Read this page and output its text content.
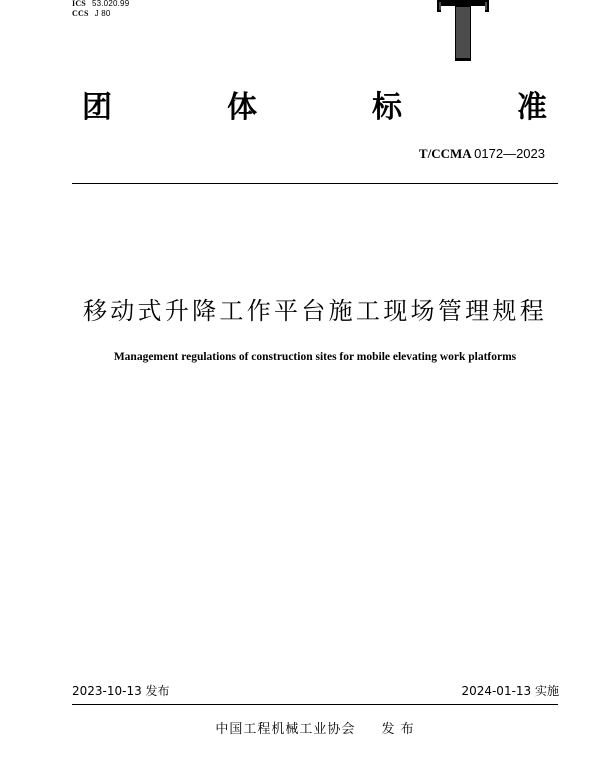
ICS 53.020.99
CCS J 80
团	体	标	准
T/CCMA 0172—2023
移动式升降工作平台施工现场管理规程
Management regulations of construction sites for mobile elevating work platforms
2023-10-13 发布	2024-01-13 实施
中国工程机械工业协会 发 布
